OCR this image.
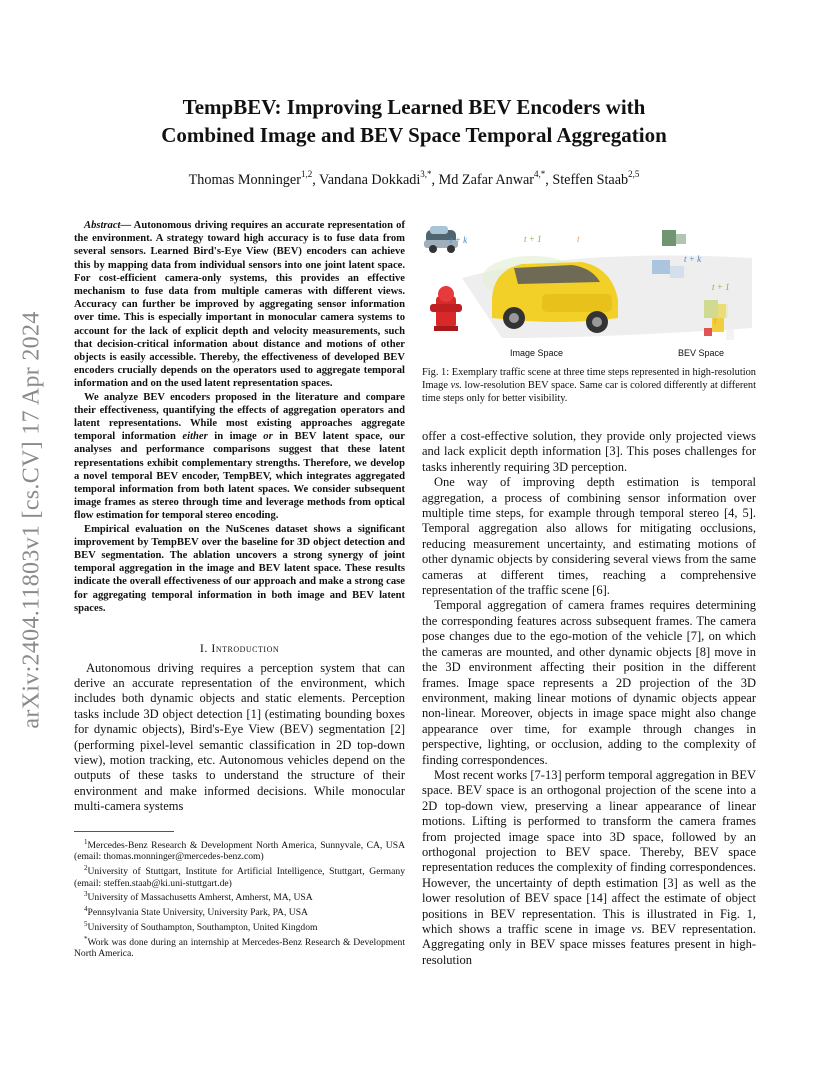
arXiv:2404.11803v1 [cs.CV] 17 Apr 2024
TempBEV: Improving Learned BEV Encoders with
Combined Image and BEV Space Temporal Aggregation
Thomas Monninger$^{1,2}$, Vandana Dokkadi$^{3,*}$, Md Zafar Anwar$^{4,*}$, Steffen Staab$^{2,5}$

Abstract— Autonomous driving requires an accurate representation of the environment. A strategy toward high accuracy is to fuse data from several sensors. Learned Bird's-Eye View (BEV) encoders can achieve this by mapping data from individual sensors into one joint latent space. For cost-efficient camera-only systems, this provides an effective mechanism to fuse data from multiple cameras with different views. Accuracy can further be improved by aggregating sensor information over time. This is especially important in monocular camera systems to account for the lack of explicit depth and velocity measurements, such that decision-critical information about distance and motions of other objects is easily accessible. Thereby, the effectiveness of developed BEV encoders crucially depends on the operators used to aggregate temporal information and on the used latent representation spaces.

We analyze BEV encoders proposed in the literature and compare their effectiveness, quantifying the effects of aggregation operators and latent representations. While most existing approaches aggregate temporal information either in image or in BEV latent space, our analyses and performance comparisons suggest that these latent representations exhibit complementary strengths. Therefore, we develop a novel temporal BEV encoder, TempBEV, which integrates aggregated temporal information from both latent spaces. We consider subsequent image frames as stereo through time and leverage methods from optical flow estimation for temporal stereo encoding.

Empirical evaluation on the NuScenes dataset shows a significant improvement by TempBEV over the baseline for 3D object detection and BEV segmentation. The ablation uncovers a strong synergy of joint temporal aggregation in the image and BEV latent space. These results indicate the overall effectiveness of our approach and make a strong case for aggregating temporal information in both image and BEV latent spaces.

I. Introduction

Autonomous driving requires a perception system that can derive an accurate representation of the environment, which includes both dynamic objects and static elements. Perception tasks include 3D object detection [1] (estimating bounding boxes for dynamic objects), Bird's-Eye View (BEV) segmentation [2] (performing pixel-level semantic classification in 2D top-down view), motion tracking, etc. Autonomous vehicles depend on the outputs of these tasks to understand the structure of their environment and make informed decisions. While monocular multi-camera systems

$^1$Mercedes-Benz Research & Development North America, Sunnyvale, CA, USA (email: thomas.monninger@mercedes-benz.com)

$^2$University of Stuttgart, Institute for Artificial Intelligence, Stuttgart, Germany (email: steffen.staab@ki.uni-stuttgart.de)

$^3$University of Massachusetts Amherst, Amherst, MA, USA

$^4$Pennsylvania State University, University Park, PA, USA

$^5$University of Southampton, Southampton, United Kingdom

*Work was done during an internship at Mercedes-Benz Research & Development North America.

t + k	t + 1	t
t + k
t + 1
t
Image Space	BEV Space
Fig. 1: Exemplary traffic scene at three time steps represented in high-resolution Image vs. low-resolution BEV space. Same car is colored differently at different time steps only for better visibility.

offer a cost-effective solution, they provide only projected views and lack explicit depth information [3]. This poses challenges for tasks inherently requiring 3D perception.

One way of improving depth estimation is temporal aggregation, a process of combining sensor information over multiple time steps, for example through temporal stereo [4, 5]. Temporal aggregation also allows for mitigating occlusions, reducing measurement uncertainty, and estimating motions of other dynamic objects by considering several views from the same cameras at different times, reaching a comprehensive representation of the traffic scene [6].

Temporal aggregation of camera frames requires determining the corresponding features across subsequent frames. The camera pose changes due to the ego-motion of the vehicle [7], on which the cameras are mounted, and other dynamic objects [8] move in the 3D environment affecting their position in the different frames. Image space represents a 2D projection of the 3D environment, making linear motions of dynamic objects appear non-linear. Moreover, objects in image space might also change appearance over time, for example through changes in perspective, lighting, or occlusion, adding to the complexity of finding correspondences.

Most recent works [7-13] perform temporal aggregation in BEV space. BEV space is an orthogonal projection of the scene into a 2D top-down view, preserving a linear appearance of linear motions. Lifting is performed to transform the camera frames from projected image space into 3D space, followed by an orthogonal projection to BEV space. Thereby, BEV space representation reduces the complexity of finding correspondences. However, the uncertainty of depth estimation [3] as well as the lower resolution of BEV space [14] affect the estimate of object positions in BEV representation. This is illustrated in Fig. 1, which shows a traffic scene in image vs. BEV representation. Aggregating only in BEV space misses features present in high-resolution
